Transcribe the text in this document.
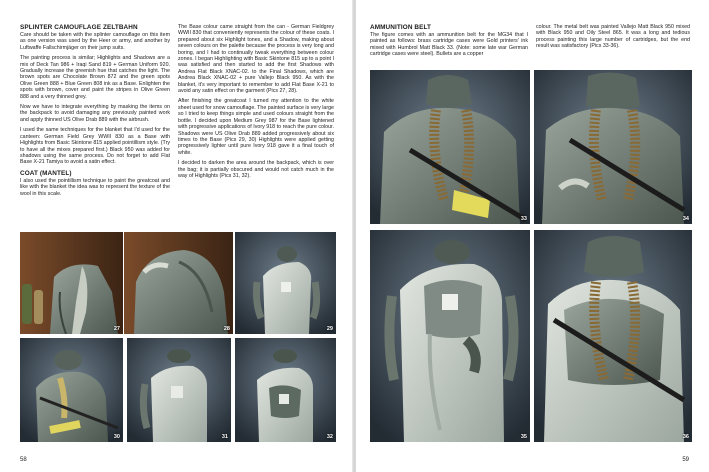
SPLINTER CAMOUFLAGE ZELTBAHN

Care should be taken with the splinter camouflage on this item as one version was used by the Heer or army, and another by Luftwaffe Fallschirmjäger on their jump suits.

The painting process is similar; Highlights and Shadows are a mix of Deck Tan 986 + Iraqi Sand 819 + German Uniform 920. Gradually increase the greenish hue that catches the light. The brown spots are Chocolate Brown 872 and the green spots Olive Green 888 + Blue Green 808 ink as a Base. Enlighten the spots with brown, cover and paint the stripes in Olive Green 888 and a very thinned grey.

Now we have to integrate everything by masking the items on the backpack to avoid damaging any previously painted work and apply thinned US Olive Drab 889 with the airbrush.

I used the same techniques for the blanket that I'd used for the canteen: German Field Grey WWII 830 as a Base with Highlights from Basic Skintone 815 applied pointillism style. (Try to have all the mixes prepared first.) Black 950 was added for shadows using the same process. Do not forget to add Flat Base X-21 Tamiya to avoid a satin effect.

COAT (MANTEL)

I also used the pointillism technique to paint the greatcoat and like with the blanket the idea was to represent the texture of the wool in this scale.

The Base colour came straight from the can - German Fieldgrey WWII 830 that conveniently represents the colour of these coats. I prepared about six Highlight tones, and a Shadow, making about seven colours on the palette because the process is very long and boring, and I had to continually tweak everything between colour zones. I began Highlighting with Basic Skintone 815 up to a point I was satisfied and then started to add the first Shadows with Andrea Flat Black XNAC-02. to the Final Shadows, which are Andrea Black XNAC-02 + pure Vallejo Black 950. As with the blanket, it's very important to remember to add Flat Base X-21 to avoid any satin effect on the garment (Pics 27, 28).

After finishing the greatcoat I turned my attention to the white sheet used for snow camouflage. The painted surface is very large so I tried to keep things simple and used colours straight from the bottle. I decided upon Medium Grey 987 for the Base lightened with progressive applications of Ivory 918 to reach the pure colour. Shadows were US Olive Drab 889 added progressively about six times to the Base (Pics 29, 30) Highlights were applied getting progressively lighter until pure Ivory 918 gave it a final touch of white.

I decided to darken the area around the backpack, which is over the bag; it is partially obscured and would not catch much in the way of Highlights (Pics 31, 32).

27	28	29
30	31	32
58
AMMUNITION BELT

The figure comes with an ammunition belt for the MG34 that I painted as follows: brass cartridge cases were Gold printers' ink mixed with Humbrol Matt Black 33. (Note: some late war German cartridge cases were steel). Bullets are a copper

colour. The metal belt was painted Vallejo Matt Black 950 mixed with Black 950 and Oily Steel 865. It was a long and tedious process painting this large number of cartridges, but the end result was satisfactory (Pics 33-36).

33	34
35	36
59
